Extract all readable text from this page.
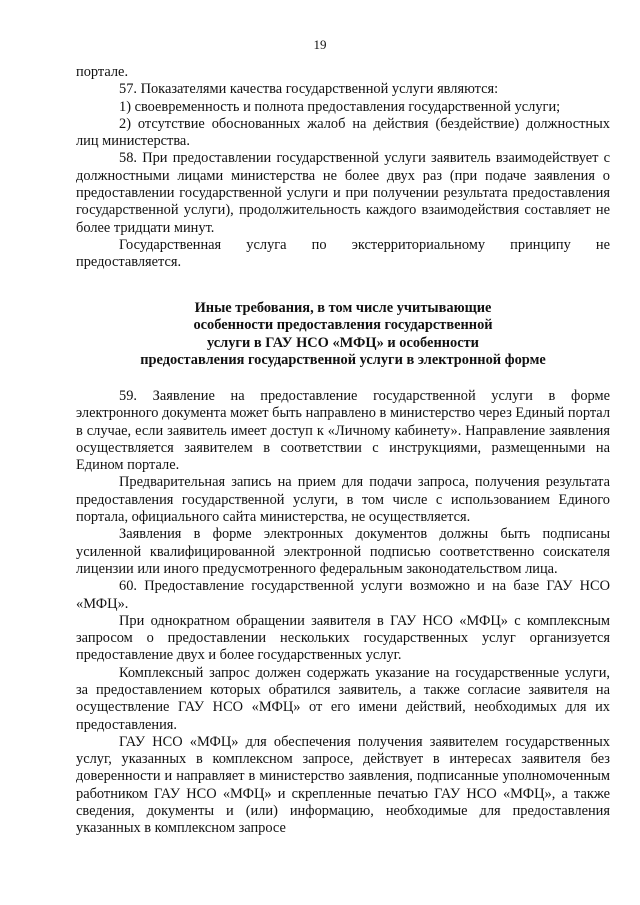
19

портале.

57. Показателями качества государственной услуги являются:

1) своевременность и полнота предоставления государственной услуги;

2) отсутствие обоснованных жалоб на действия (бездействие) должностных лиц министерства.

58. При предоставлении государственной услуги заявитель взаимодействует с должностными лицами министерства не более двух раз (при подаче заявления о предоставлении государственной услуги и при получении результата предоставления государственной услуги), продолжительность каждого взаимодействия составляет не более тридцати минут.

Государственная услуга по экстерриториальному принципу не предоставляется.

Иные требования, в том числе учитывающие
особенности предоставления государственной
услуги в ГАУ НСО «МФЦ» и особенности
предоставления государственной услуги в электронной форме

59. Заявление на предоставление государственной услуги в форме электронного документа может быть направлено в министерство через Единый портал в случае, если заявитель имеет доступ к «Личному кабинету». Направление заявления осуществляется заявителем в соответствии с инструкциями, размещенными на Едином портале.

Предварительная запись на прием для подачи запроса, получения результата предоставления государственной услуги, в том числе с использованием Единого портала, официального сайта министерства, не осуществляется.

Заявления в форме электронных документов должны быть подписаны усиленной квалифицированной электронной подписью соответственно соискателя лицензии или иного предусмотренного федеральным законодательством лица.

60. Предоставление государственной услуги возможно и на базе ГАУ НСО «МФЦ».

При однократном обращении заявителя в ГАУ НСО «МФЦ» с комплексным запросом о предоставлении нескольких государственных услуг организуется предоставление двух и более государственных услуг.

Комплексный запрос должен содержать указание на государственные услуги, за предоставлением которых обратился заявитель, а также согласие заявителя на осуществление ГАУ НСО «МФЦ» от его имени действий, необходимых для их предоставления.

ГАУ НСО «МФЦ» для обеспечения получения заявителем государственных услуг, указанных в комплексном запросе, действует в интересах заявителя без доверенности и направляет в министерство заявления, подписанные уполномоченным работником ГАУ НСО «МФЦ» и скрепленные печатью ГАУ НСО «МФЦ», а также сведения, документы и (или) информацию, необходимые для предоставления указанных в комплексном запросе
